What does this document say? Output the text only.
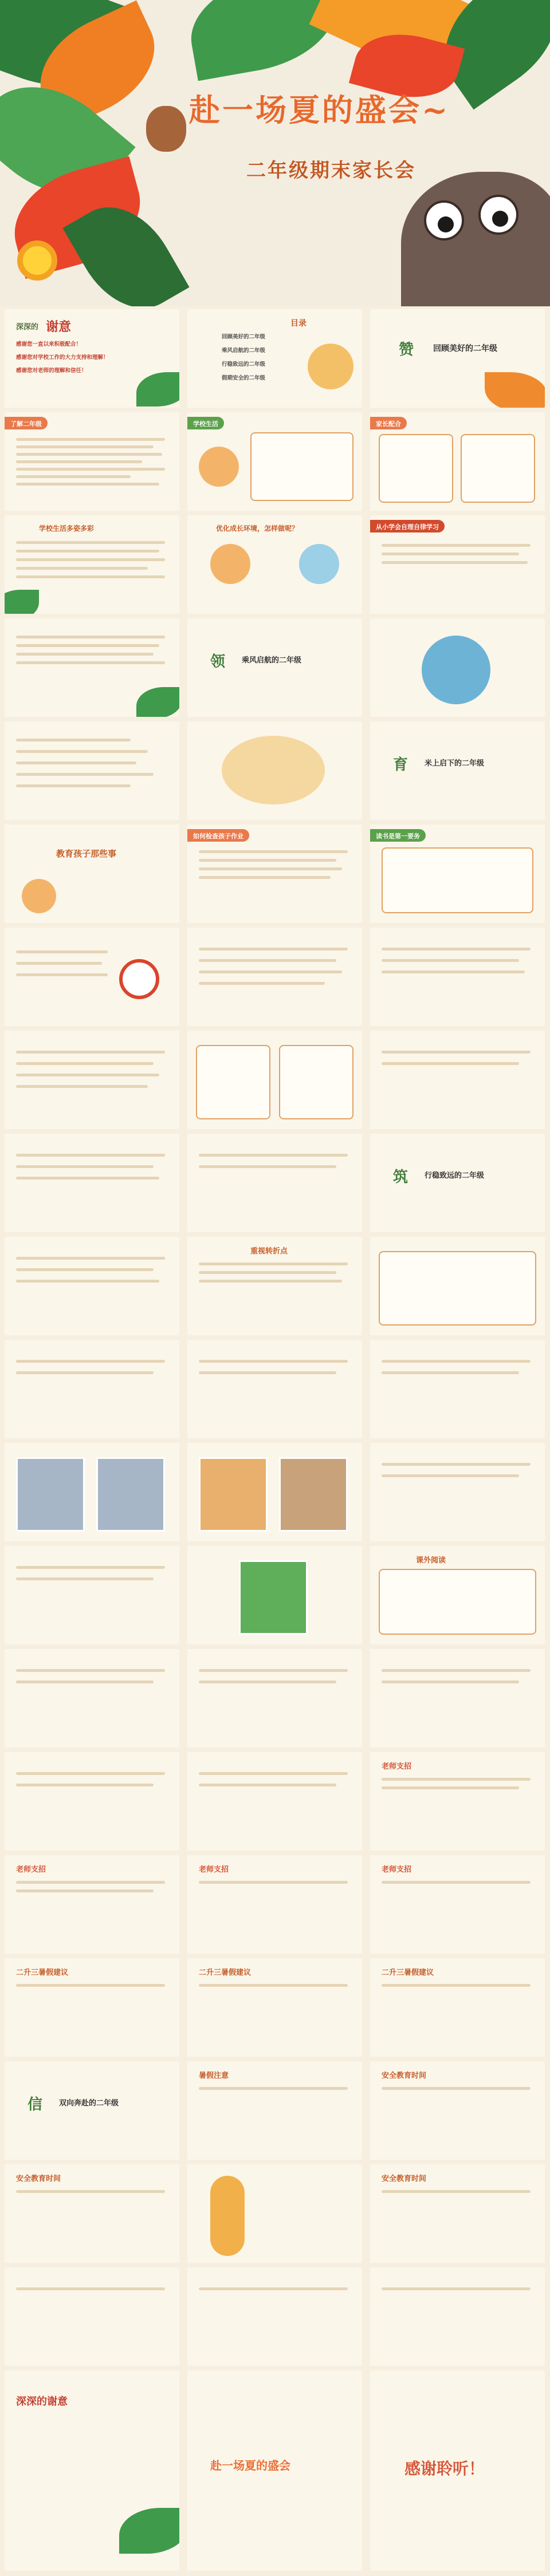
赴一场夏的盛会~
二年级期末家长会
深深的 谢意
感谢您一直以来积极配合！
感谢您对学校工作的大力支持和理解！
感谢您对老师的理解和信任！
目录
回顾美好的二年级
乘风启航的二年级
行稳致远的二年级
假期安全的二年级
赞 回顾美好的二年级
了解二年级	学校生活	家长配合
学校生活多姿多彩	优化成长环境，怎样做呢？	从小学会自理自律学习
领 乘风启航的二年级
育 米上启下的二年级
教育孩子那些事
如何检查孩子作业	读书是第一要务
筑 行稳致远的二年级
重视转折点
课外阅读
老师支招
老师支招	老师支招	老师支招
二升三暑假建议	二升三暑假建议	二升三暑假建议
信 双向奔赴的二年级
暑假注意	安全教育时间
安全教育时间	安全教育时间
深深的谢意
赴一场夏的盛会	感谢聆听！
